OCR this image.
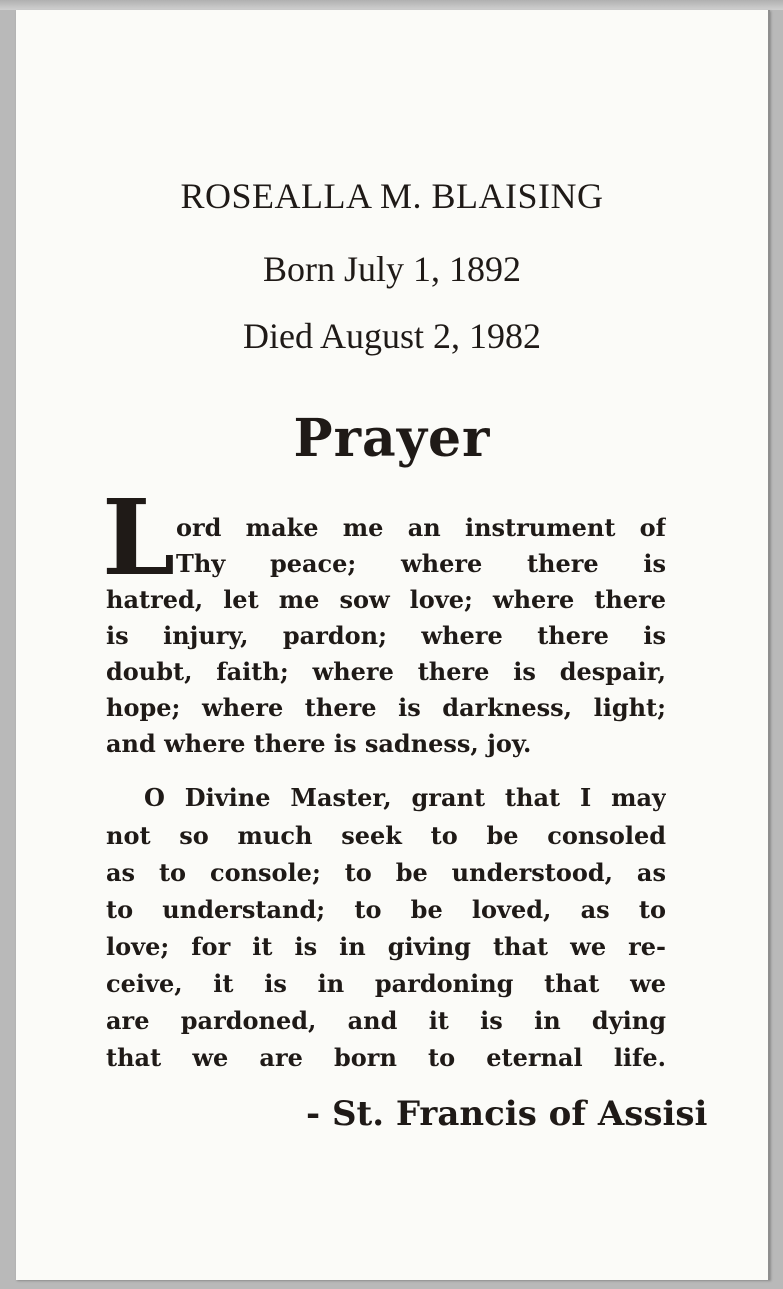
ROSEALLA M. BLAISING
Born July 1, 1892
Died August 2, 1982
Prayer
L ord make me an instrument of
Thy peace; where there is
hatred, let me sow love; where there
is injury, pardon; where there is
doubt, faith; where there is despair,
hope; where there is darkness, light;
and where there is sadness, joy.
O Divine Master, grant that I may
not so much seek to be consoled
as to console; to be understood, as
to understand; to be loved, as to
love; for it is in giving that we re-
ceive, it is in pardoning that we
are pardoned, and it is in dying
that we are born to eternal life.
- St. Francis of Assisi
